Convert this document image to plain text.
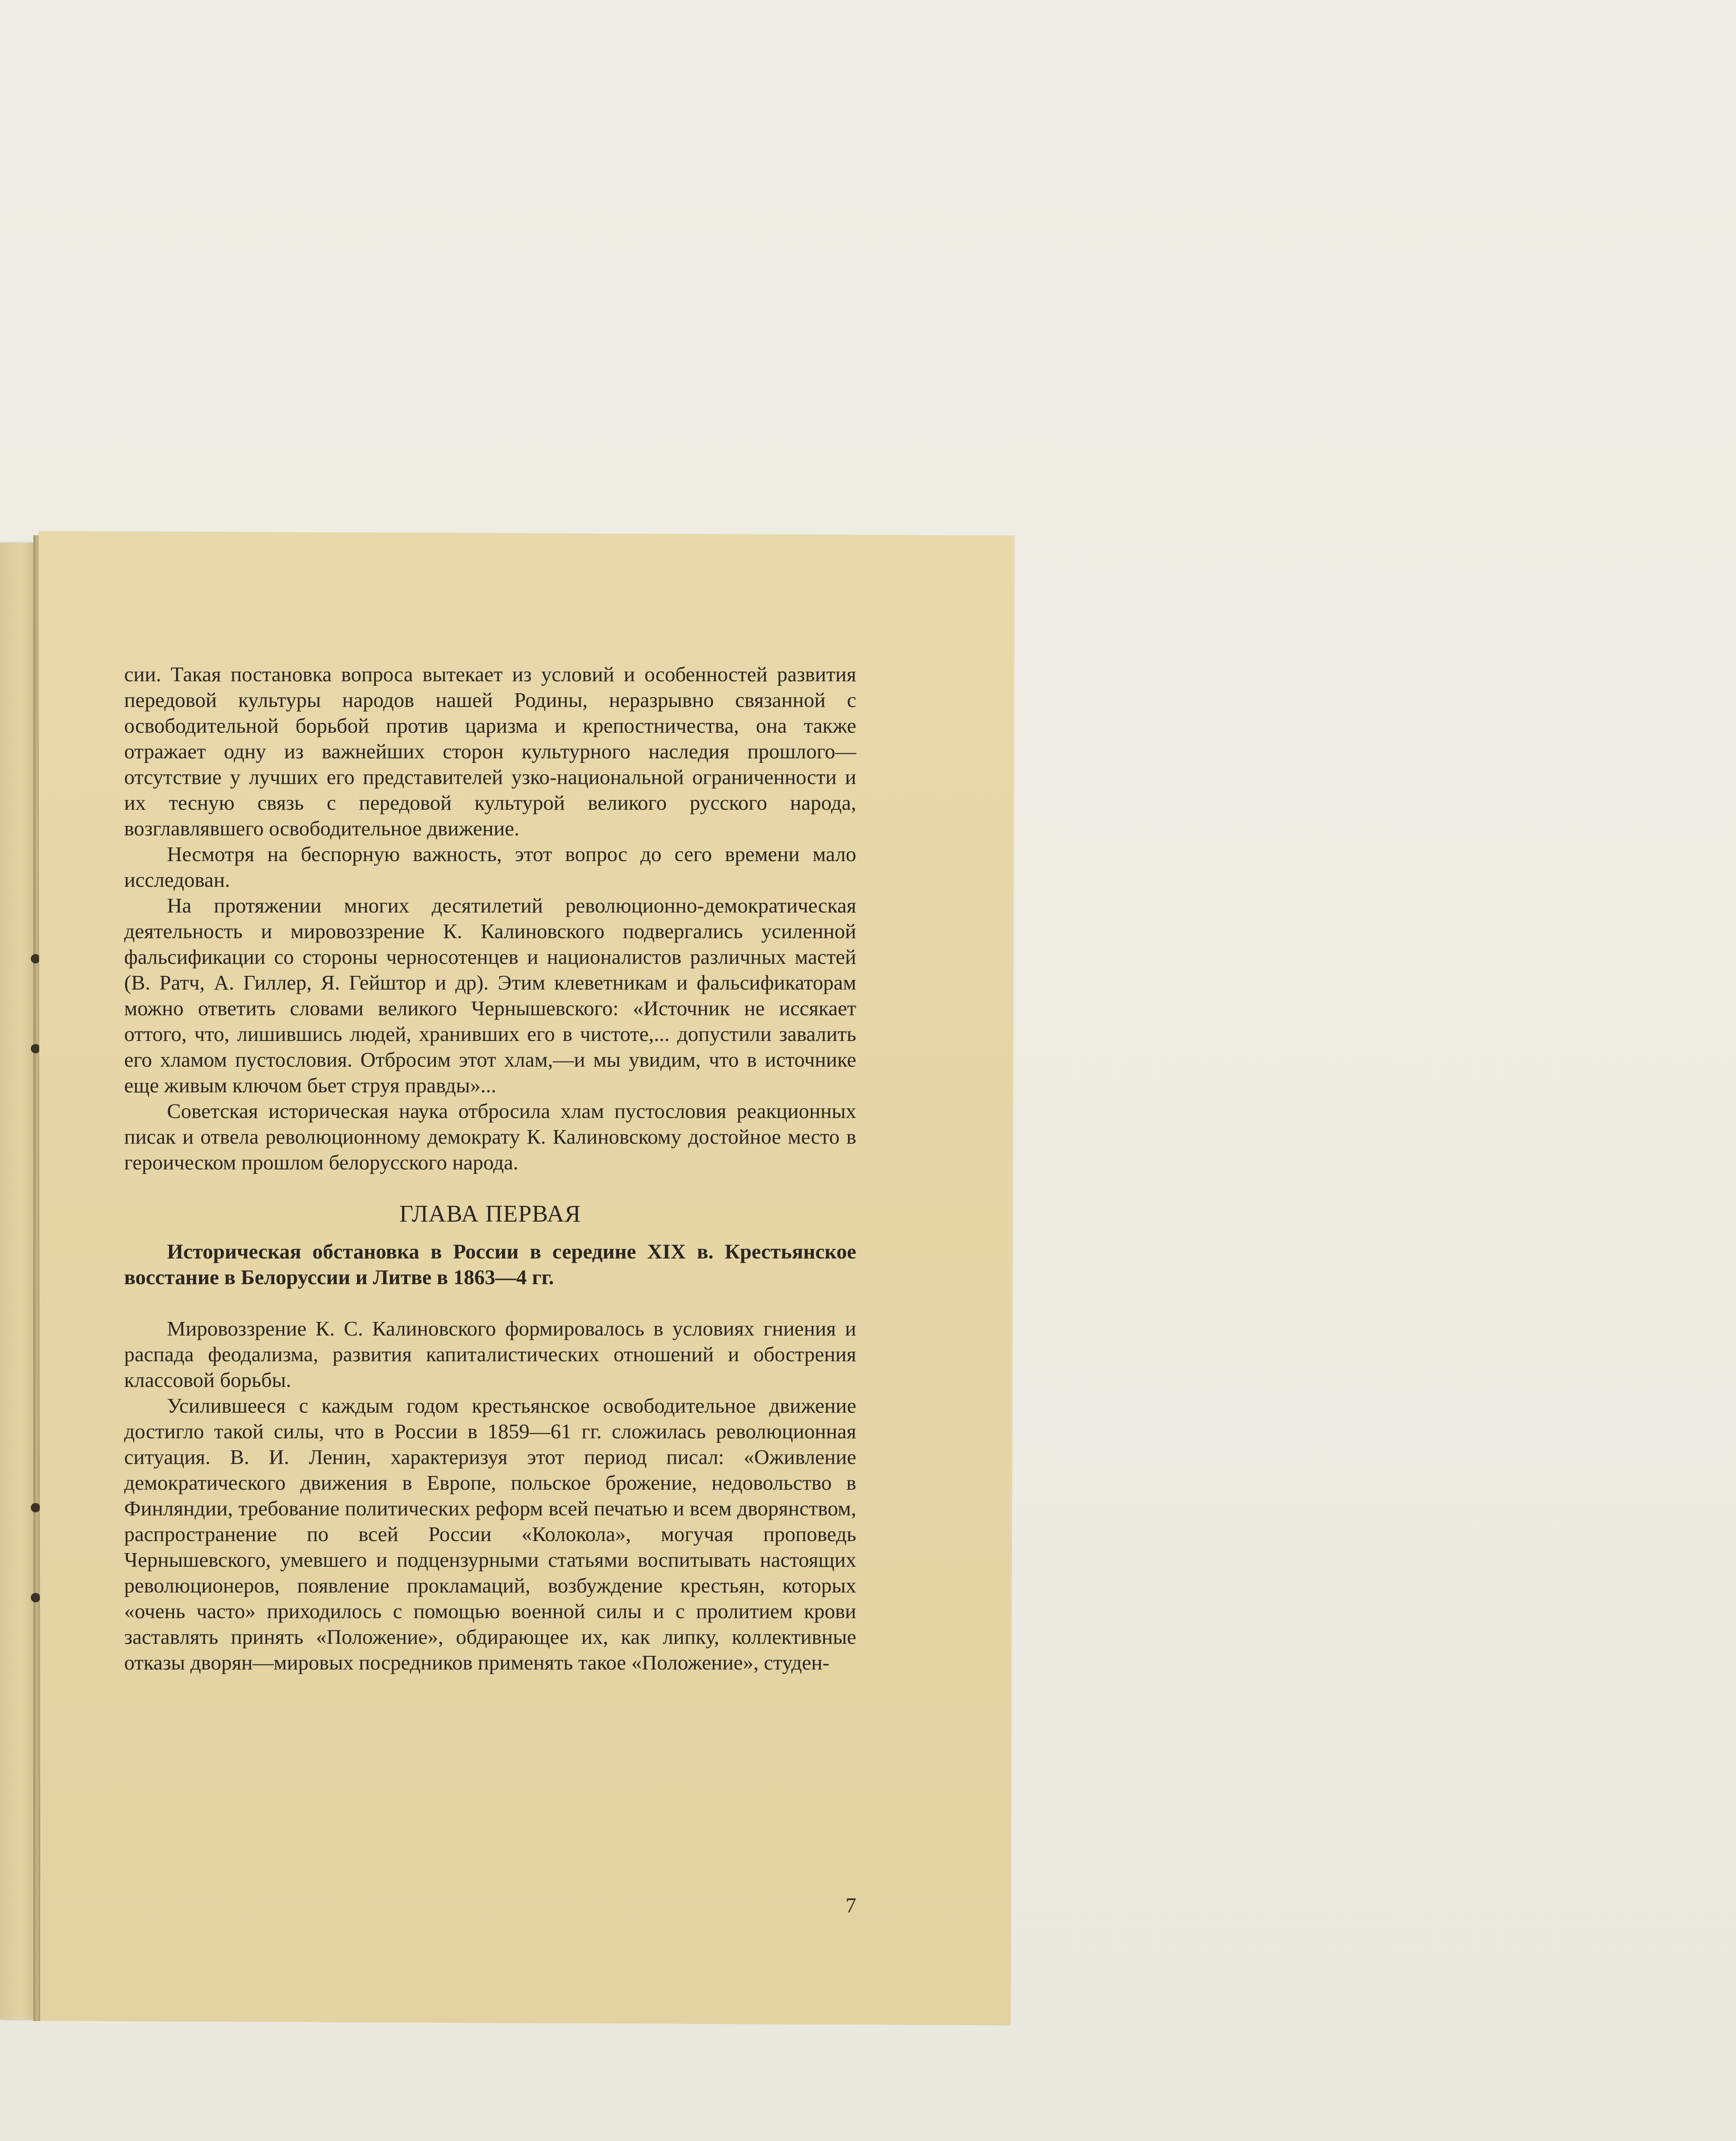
сии. Такая постановка вопроса вытекает из условий и особенностей развития передовой культуры народов нашей Родины, неразрывно связанной с освободительной борьбой против царизма и крепостничества, она также отражает одну из важнейших сторон культурного наследия прошлого—отсутствие у лучших его представителей узко-национальной ограниченности и их тесную связь с передовой культурой великого русского народа, возглавлявшего освободительное движение.

Несмотря на беспорную важность, этот вопрос до сего времени мало исследован.

На протяжении многих десятилетий революционно-демократическая деятельность и мировоззрение К. Калиновского подвергались усиленной фальсификации со стороны черносотенцев и националистов различных мастей (В. Ратч, А. Гиллер, Я. Гейштор и др). Этим клеветникам и фальсификаторам можно ответить словами великого Чернышевского: «Источник не иссякает оттого, что, лишившись людей, хранивших его в чистоте,... допустили завалить его хламом пустословия. Отбросим этот хлам,—и мы увидим, что в источнике еще живым ключом бьет струя правды»...

Советская историческая наука отбросила хлам пустословия реакционных писак и отвела революционному демократу К. Калиновскому достойное место в героическом прошлом белорусского народа.

ГЛАВА ПЕРВАЯ

Историческая обстановка в России в середине XIX в. Крестьянское восстание в Белоруссии и Литве в 1863—4 гг.

Мировоззрение К. С. Калиновского формировалось в условиях гниения и распада феодализма, развития капиталистических отношений и обострения классовой борьбы.

Усилившееся с каждым годом крестьянское освободительное движение достигло такой силы, что в России в 1859—61 гг. сложилась революционная ситуация. В. И. Ленин, характеризуя этот период писал: «Оживление демократического движения в Европе, польское брожение, недовольство в Финляндии, требование политических реформ всей печатью и всем дворянством, распространение по всей России «Колокола», могучая проповедь Чернышевского, умевшего и подцензурными статьями воспитывать настоящих революционеров, появление прокламаций, возбуждение крестьян, которых «очень часто» приходилось с помощью военной силы и с пролитием крови заставлять принять «Положение», обдирающее их, как липку, коллективные отказы дворян—мировых посредников применять такое «Положение», студен-

7
